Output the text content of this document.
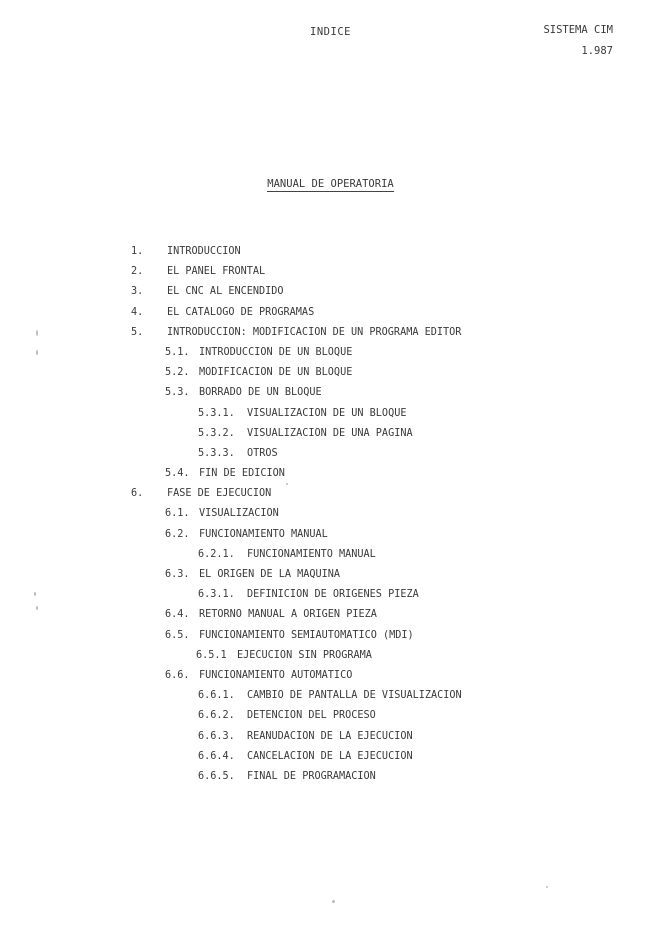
INDICE	SISTEMA CIM
1.987
MANUAL DE OPERATORIA
1. INTRODUCCION
2. EL PANEL FRONTAL
3. EL CNC AL ENCENDIDO
4. EL CATALOGO DE PROGRAMAS
5. INTRODUCCION: MODIFICACION DE UN PROGRAMA EDITOR
5.1. INTRODUCCION DE UN BLOQUE
5.2. MODIFICACION DE UN BLOQUE
5.3. BORRADO DE UN BLOQUE
5.3.1. VISUALIZACION DE UN BLOQUE
5.3.2. VISUALIZACION DE UNA PAGINA
5.3.3. OTROS
5.4. FIN DE EDICION
6. FASE DE EJECUCION
6.1. VISUALIZACION
6.2. FUNCIONAMIENTO MANUAL
6.2.1. FUNCIONAMIENTO MANUAL
6.3. EL ORIGEN DE LA MAQUINA
6.3.1. DEFINICION DE ORIGENES PIEZA
6.4. RETORNO MANUAL A ORIGEN PIEZA
6.5. FUNCIONAMIENTO SEMIAUTOMATICO (MDI)
6.5.1 EJECUCION SIN PROGRAMA
6.6. FUNCIONAMIENTO AUTOMATICO
6.6.1. CAMBIO DE PANTALLA DE VISUALIZACION
6.6.2. DETENCION DEL PROCESO
6.6.3. REANUDACION DE LA EJECUCION
6.6.4. CANCELACION DE LA EJECUCION
6.6.5. FINAL DE PROGRAMACION
